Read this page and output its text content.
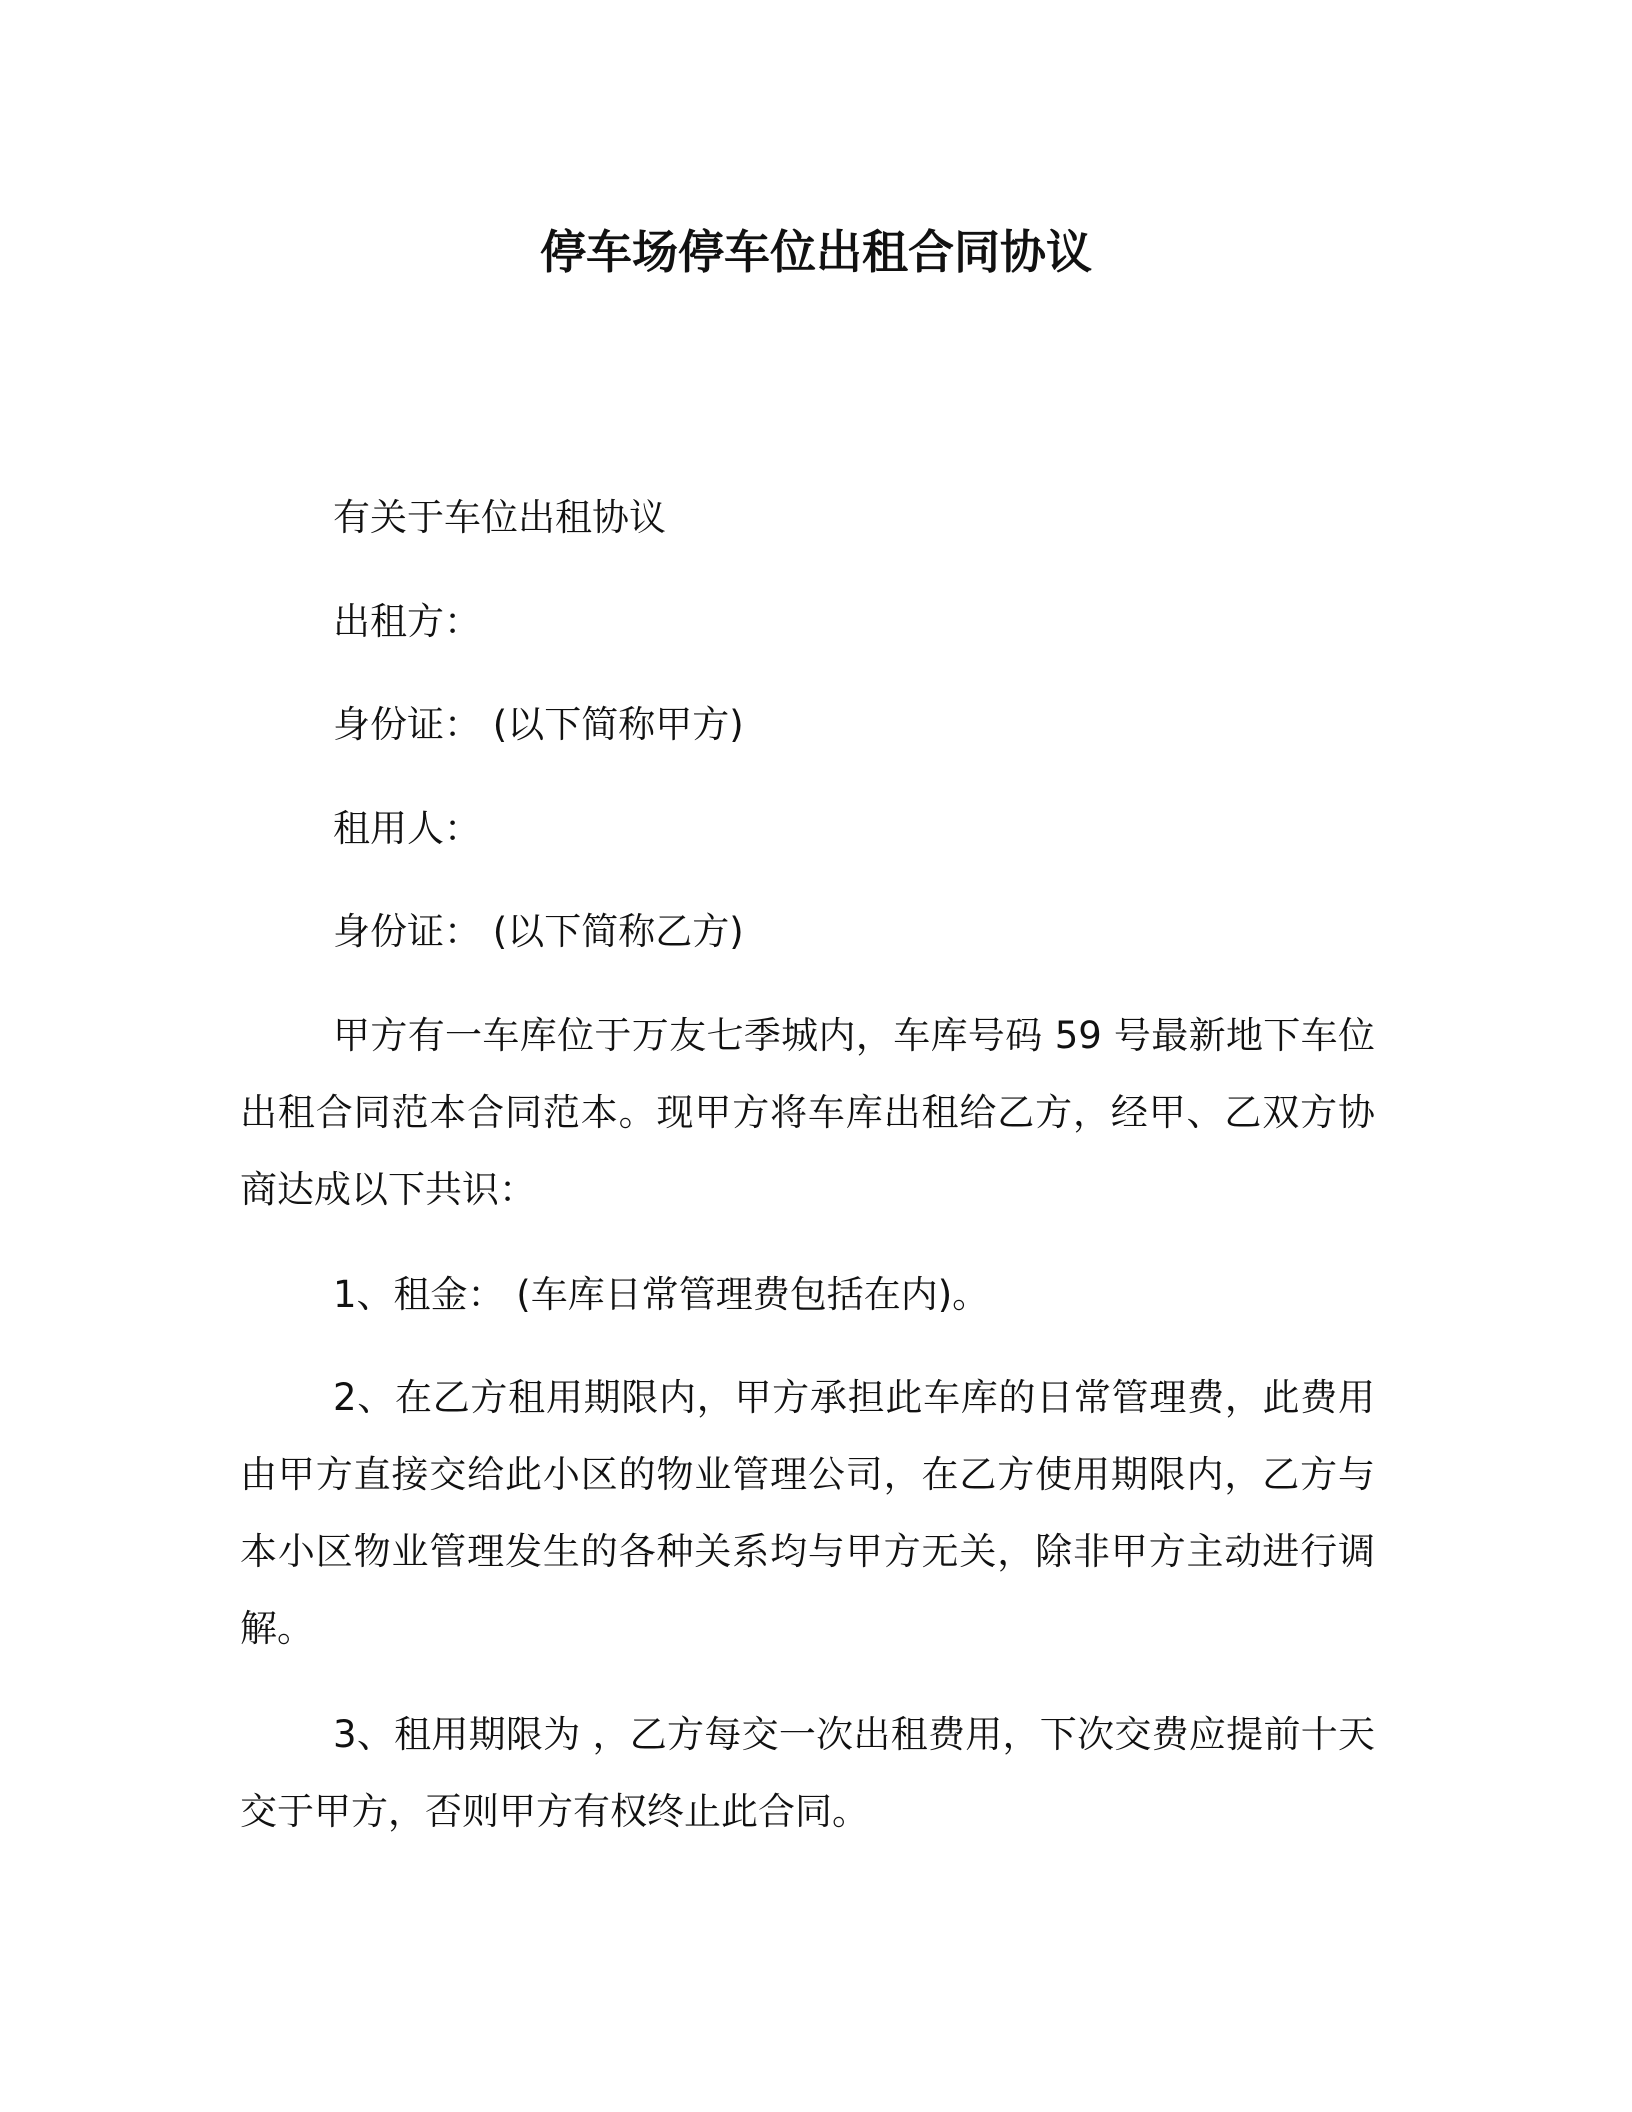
停车场停车位出租合同协议
有关于车位出租协议
出租方：
身份证： (以下简称甲方)
租用人：
身份证： (以下简称乙方)
甲方有一车库位于万友七季城内，车库号码 59 号最新地下车位出租合同范本合同范本。现甲方将车库出租给乙方，经甲、乙双方协商达成以下共识：
1、租金： (车库日常管理费包括在内)。
2、在乙方租用期限内，甲方承担此车库的日常管理费，此费用由甲方直接交给此小区的物业管理公司，在乙方使用期限内，乙方与本小区物业管理发生的各种关系均与甲方无关，除非甲方主动进行调解。
3、租用期限为 ，乙方每交一次出租费用，下次交费应提前十天交于甲方，否则甲方有权终止此合同。
